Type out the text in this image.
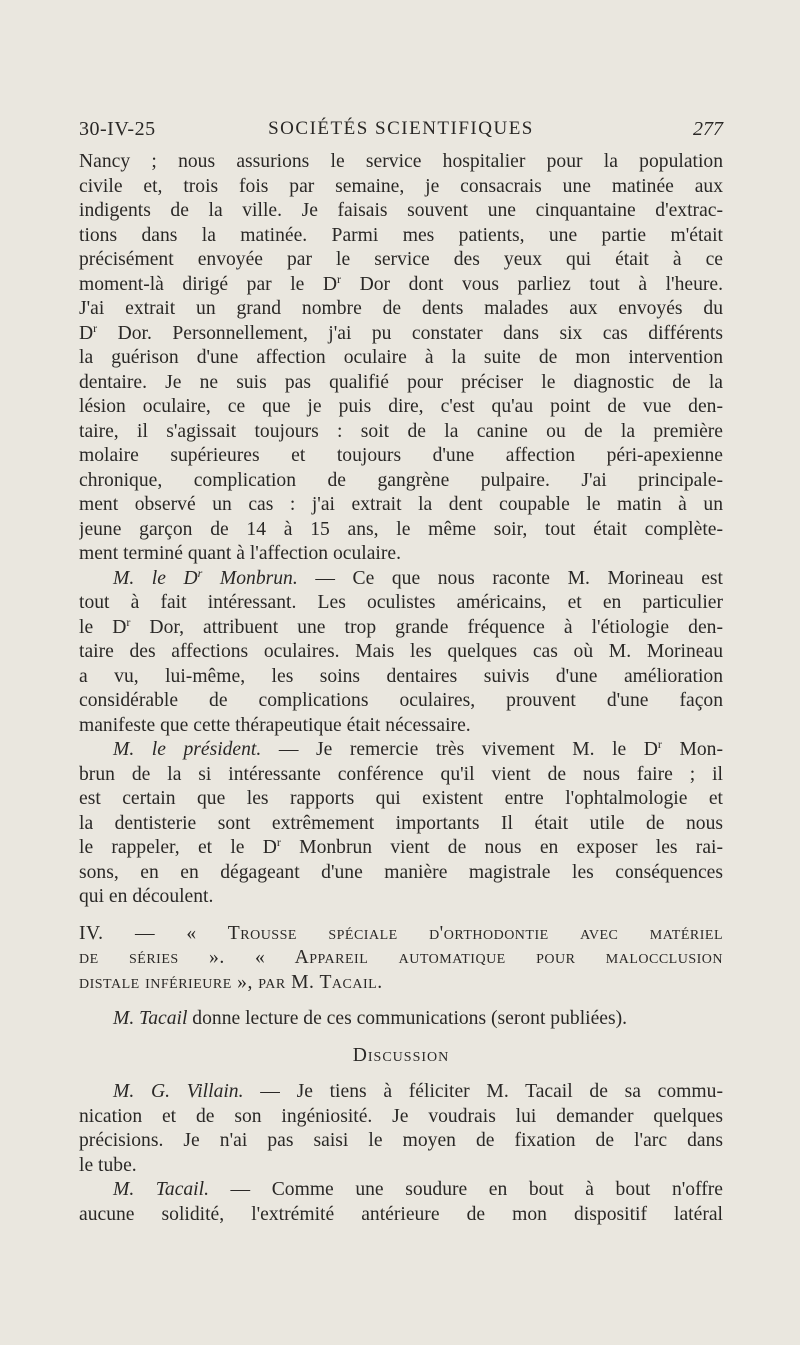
30-IV-25	SOCIÉTÉS SCIENTIFIQUES	277
Nancy ; nous assurions le service hospitalier pour la population
civile et, trois fois par semaine, je consacrais une matinée aux
indigents de la ville. Je faisais souvent une cinquantaine d'extrac-
tions dans la matinée. Parmi mes patients, une partie m'était
précisément envoyée par le service des yeux qui était à ce
moment-là dirigé par le $D^r$ Dor dont vous parliez tout à l'heure.
J'ai extrait un grand nombre de dents malades aux envoyés du
$D^r$ Dor. Personnellement, j'ai pu constater dans six cas différents
la guérison d'une affection oculaire à la suite de mon intervention
dentaire. Je ne suis pas qualifié pour préciser le diagnostic de la
lésion oculaire, ce que je puis dire, c'est qu'au point de vue den-
taire, il s'agissait toujours : soit de la canine ou de la première
molaire supérieures et toujours d'une affection péri-apexienne
chronique, complication de gangrène pulpaire. J'ai principale-
ment observé un cas : j'ai extrait la dent coupable le matin à un
jeune garçon de 14 à 15 ans, le même soir, tout était complète-
ment terminé quant à l'affection oculaire.
M. le $D^r$ Monbrun. — Ce que nous raconte M. Morineau est
tout à fait intéressant. Les oculistes américains, et en particulier
le $D^r$ Dor, attribuent une trop grande fréquence à l'étiologie den-
taire des affections oculaires. Mais les quelques cas où M. Morineau
a vu, lui-même, les soins dentaires suivis d'une amélioration
considérable de complications oculaires, prouvent d'une façon
manifeste que cette thérapeutique était nécessaire.
M. le président. — Je remercie très vivement M. le $D^r$ Mon-
brun de la si intéressante conférence qu'il vient de nous faire ; il
est certain que les rapports qui existent entre l'ophtalmologie et
la dentisterie sont extrêmement importants Il était utile de nous
le rappeler, et le $D^r$ Monbrun vient de nous en exposer les rai-
sons, en en dégageant d'une manière magistrale les conséquences
qui en découlent.
IV. — « Trousse spéciale d'orthodontie avec matériel
de séries ». « Appareil automatique pour malocclusion
distale inférieure », par M. Tacail.
M. Tacail donne lecture de ces communications (seront publiées).
Discussion
M. G. Villain. — Je tiens à féliciter M. Tacail de sa commu-
nication et de son ingéniosité. Je voudrais lui demander quelques
précisions. Je n'ai pas saisi le moyen de fixation de l'arc dans
le tube.
M. Tacail. — Comme une soudure en bout à bout n'offre
aucune solidité, l'extrémité antérieure de mon dispositif latéral
